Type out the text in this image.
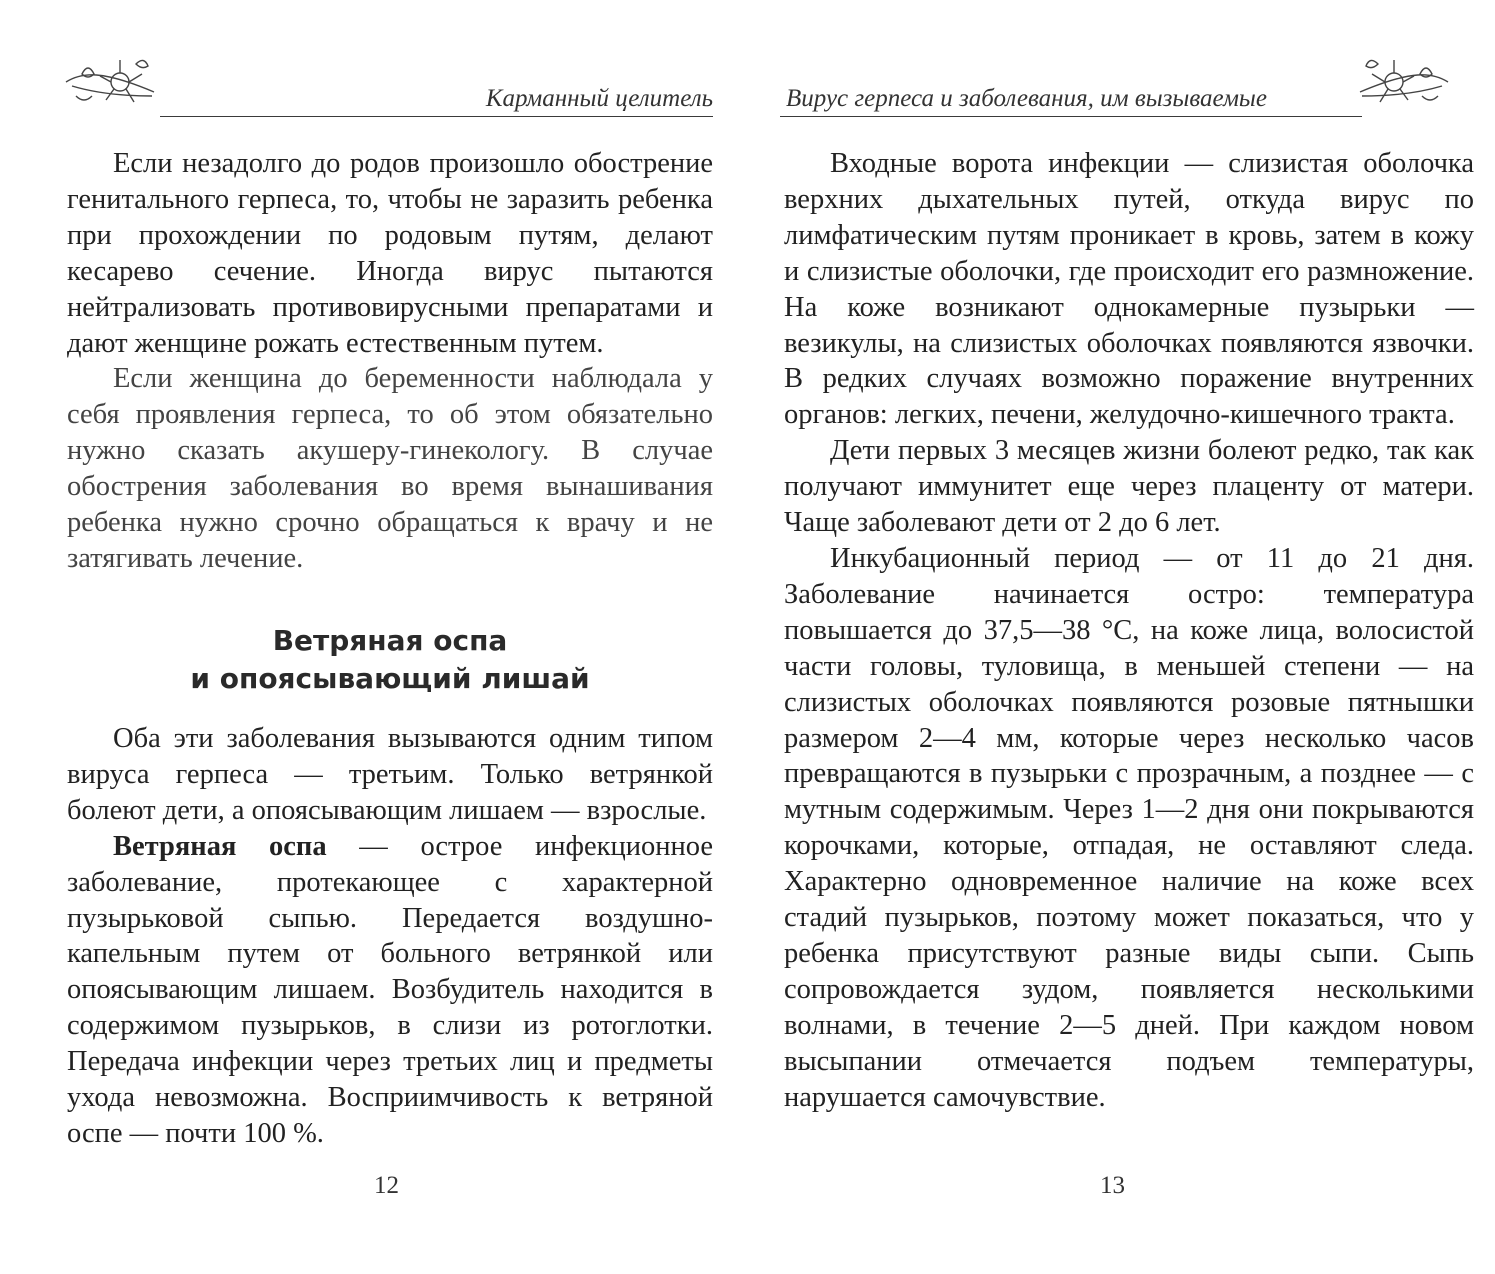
Карманный целитель

Если незадолго до родов произошло обострение генитального герпеса, то, чтобы не заразить ребенка при прохождении по родовым путям, делают кесарево сечение. Иногда вирус пытаются нейтрализовать противовирусными препаратами и дают женщине рожать естественным путем.

Если женщина до беременности наблюдала у себя проявления герпеса, то об этом обязательно нужно сказать акушеру-гинекологу. В случае обострения заболевания во время вынашивания ребенка нужно срочно обращаться к врачу и не затягивать лечение.

Ветряная оспа
и опоясывающий лишай

Оба эти заболевания вызываются одним типом вируса герпеса — третьим. Только ветрянкой болеют дети, а опоясывающим лишаем — взрослые.

Ветряная оспа — острое инфекционное заболевание, протекающее с характерной пузырьковой сыпью. Передается воздушно-капельным путем от больного ветрянкой или опоясывающим лишаем. Возбудитель находится в содержимом пузырьков, в слизи из ротоглотки. Передача инфекции через третьих лиц и предметы ухода невозможна. Восприимчивость к ветряной оспе — почти 100 %.

12
Вирус герпеса и заболевания, им вызываемые

Входные ворота инфекции — слизистая оболочка верхних дыхательных путей, откуда вирус по лимфатическим путям проникает в кровь, затем в кожу и слизистые оболочки, где происходит его размножение. На коже возникают однокамерные пузырьки — везикулы, на слизистых оболочках появляются язвочки. В редких случаях возможно поражение внутренних органов: легких, печени, желудочно-кишечного тракта.

Дети первых 3 месяцев жизни болеют редко, так как получают иммунитет еще через плаценту от матери. Чаще заболевают дети от 2 до 6 лет.

Инкубационный период — от 11 до 21 дня. Заболевание начинается остро: температура повышается до 37,5—38 °C, на коже лица, волосистой части головы, туловища, в меньшей степени — на слизистых оболочках появляются розовые пятнышки размером 2—4 мм, которые через несколько часов превращаются в пузырьки с прозрачным, а позднее — с мутным содержимым. Через 1—2 дня они покрываются корочками, которые, отпадая, не оставляют следа. Характерно одновременное наличие на коже всех стадий пузырьков, поэтому может показаться, что у ребенка присутствуют разные виды сыпи. Сыпь сопровождается зудом, появляется несколькими волнами, в течение 2—5 дней. При каждом новом высыпании отмечается подъем температуры, нарушается самочувствие.

13
